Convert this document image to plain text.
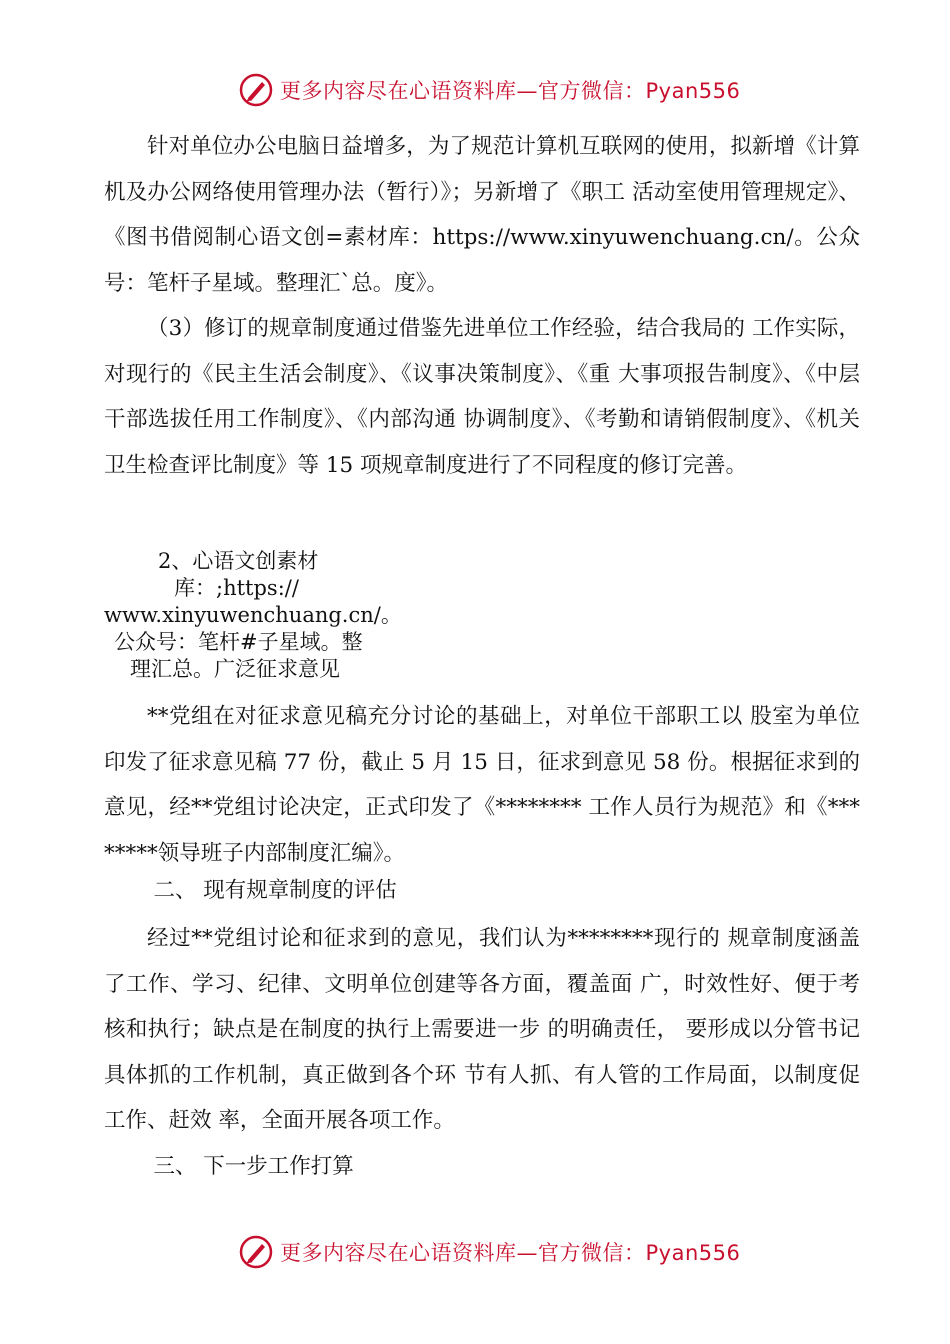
更多内容尽在心语资料库—官方微信：Pyan556
针对单位办公电脑日益增多，为了规范计算机互联网的使用，拟新增《计算机及办公网络使用管理办法（暂行）》；另新增了《职工 活动室使用管理规定》、《图书借阅制心语文创=素材库：https://www.xinyuwenchuang.cn/。公众号：笔杆子星域。整理汇`总。度》。
（3）修订的规章制度通过借鉴先进单位工作经验，结合我局的 工作实际，对现行的《民主生活会制度》、《议事决策制度》、《重 大事项报告制度》、《中层干部选拔任用工作制度》、《内部沟通 协调制度》、《考勤和请销假制度》、《机关卫生检查评比制度》等 15 项规章制度进行了不同程度的修订完善。
2、心语文创素材
库：;https://
www.xinyuwenchuang.cn/。
公众号：笔杆#子星域。整
理汇总。广泛征求意见
**党组在对征求意见稿充分讨论的基础上，对单位干部职工以 股室为单位印发了征求意见稿 77 份，截止 5 月 15 日，征求到意见 58 份。根据征求到的意见，经**党组讨论决定，正式印发了《******** 工作人员行为规范》和《********领导班子内部制度汇编》。
二、 现有规章制度的评估
经过**党组讨论和征求到的意见，我们认为********现行的 规章制度涵盖了工作、学习、纪律、文明单位创建等各方面，覆盖面 广，时效性好、便于考核和执行；缺点是在制度的执行上需要进一步 的明确责任， 要形成以分管书记具体抓的工作机制，真正做到各个环 节有人抓、有人管的工作局面，以制度促工作、赶效 率，全面开展各项工作。
三、 下一步工作打算
更多内容尽在心语资料库—官方微信：Pyan556
